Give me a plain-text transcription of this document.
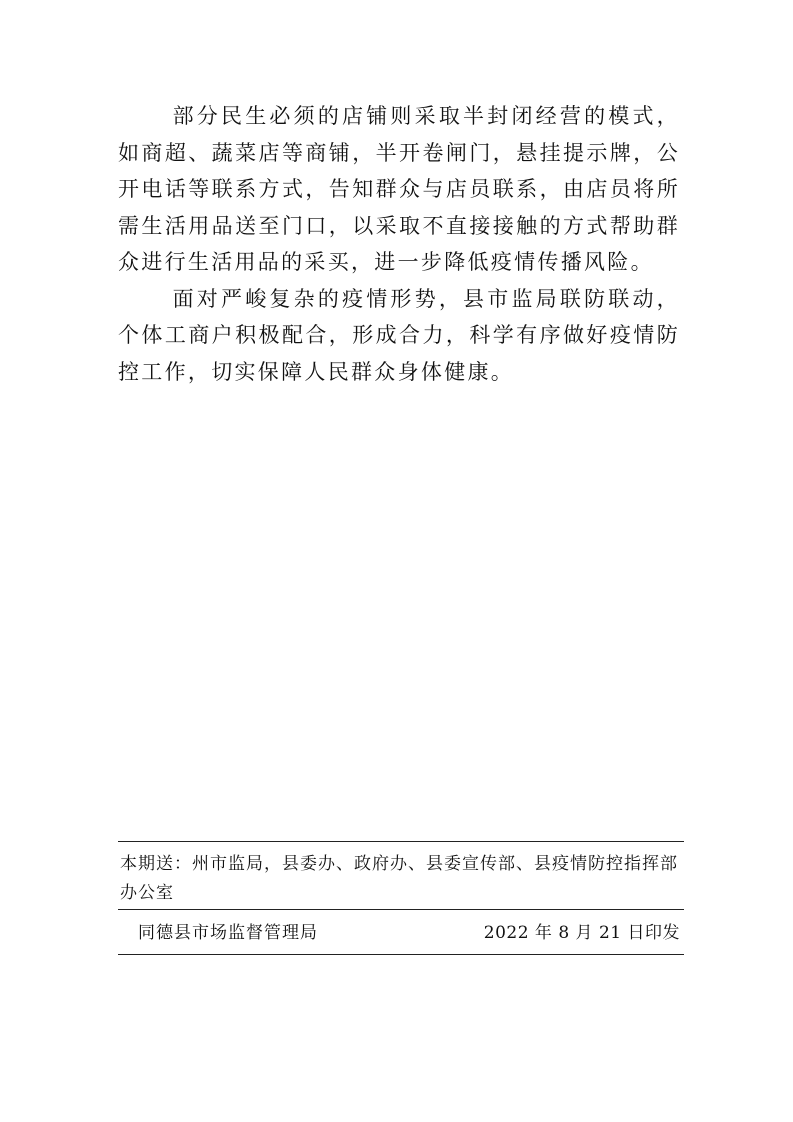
部分民生必须的店铺则采取半封闭经营的模式，如商超、蔬菜店等商铺，半开卷闸门，悬挂提示牌，公开电话等联系方式，告知群众与店员联系，由店员将所需生活用品送至门口，以采取不直接接触的方式帮助群众进行生活用品的采买，进一步降低疫情传播风险。

面对严峻复杂的疫情形势，县市监局联防联动，个体工商户积极配合，形成合力，科学有序做好疫情防控工作，切实保障人民群众身体健康。

本期送：州市监局，县委办、政府办、县委宣传部、县疫情防控指挥部办公室
同德县市场监督管理局	2022 年 8 月 21 日印发
